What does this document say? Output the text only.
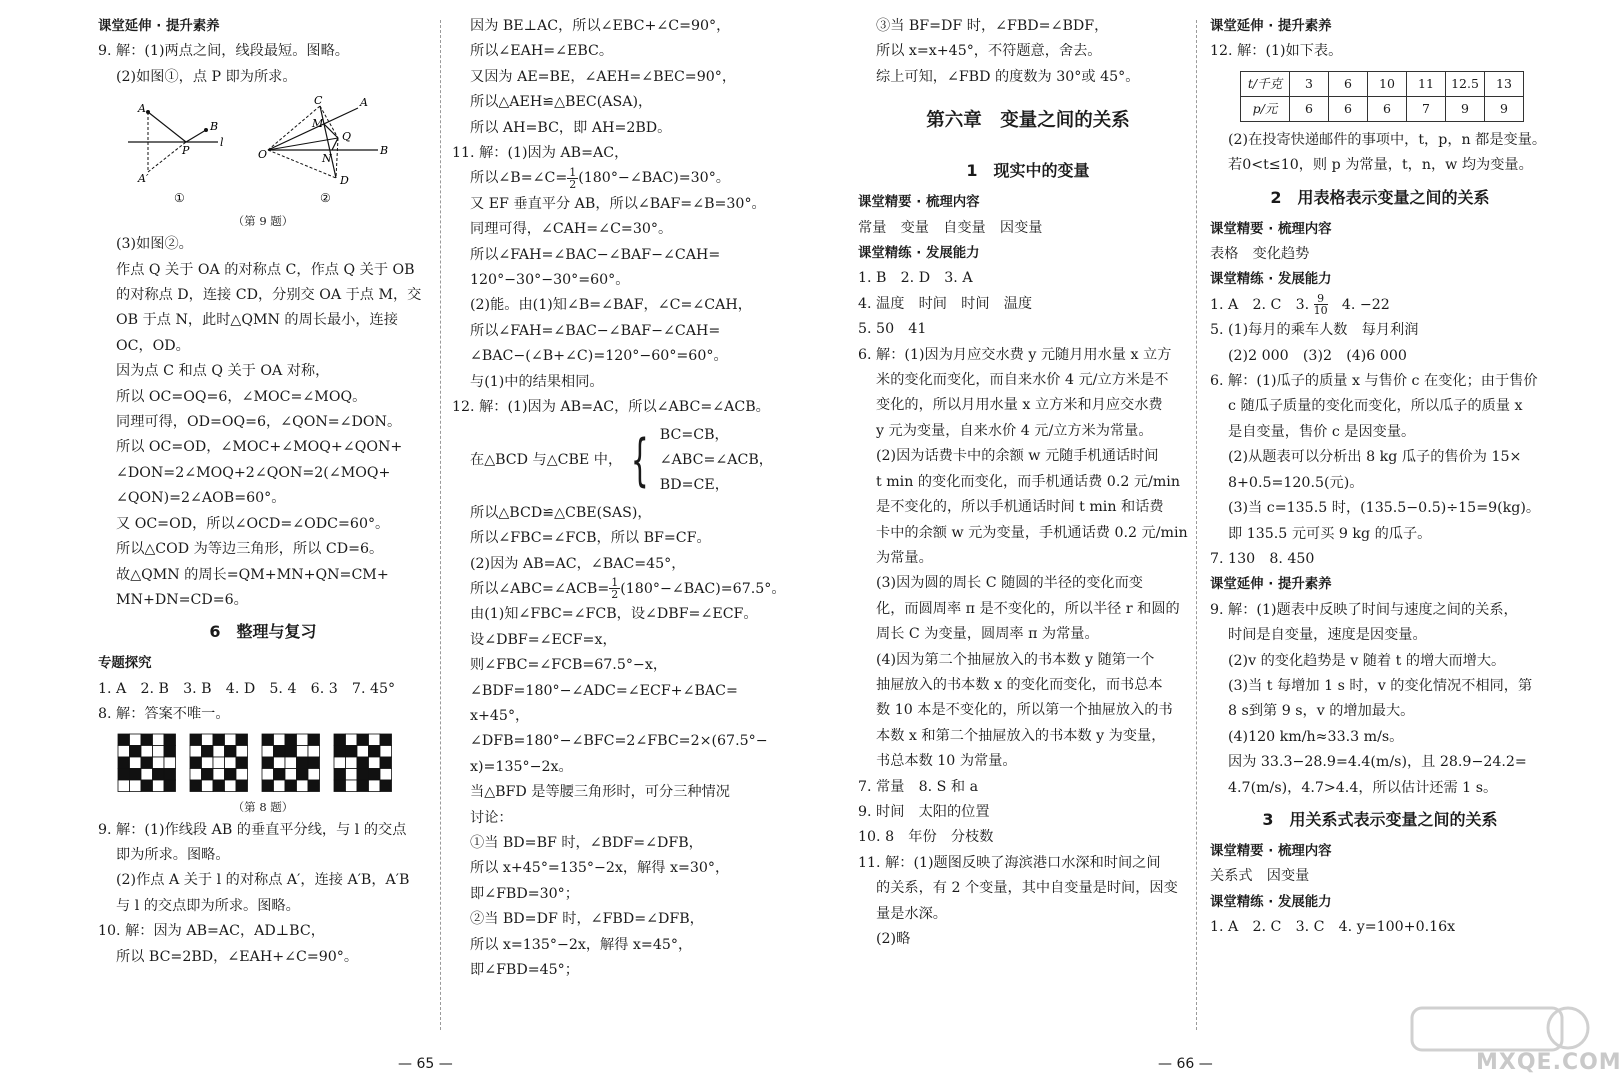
课堂延伸 · 提升素养

9. 解：(1)两点之间，线段最短。图略。

(2)如图①，点 P 即为所求。

A
B
P
l
A′
①
C
M
Q
O	N
D
B
A
②

（第 9 题）

(3)如图②。

作点 Q 关于 OA 的对称点 C，作点 Q 关于 OB

的对称点 D，连接 CD，分别交 OA 于点 M，交

OB 于点 N，此时△QMN 的周长最小，连接

OC，OD。

因为点 C 和点 Q 关于 OA 对称，

所以 OC=OQ=6，∠MOC=∠MOQ。

同理可得，OD=OQ=6，∠QON=∠DON。

所以 OC=OD，∠MOC+∠MOQ+∠QON+

∠DON=2∠MOQ+2∠QON=2(∠MOQ+

∠QON)=2∠AOB=60°。

又 OC=OD，所以∠OCD=∠ODC=60°。

所以△COD 为等边三角形，所以 CD=6。

故△QMN 的周长=QM+MN+QN=CM+

MN+DN=CD=6。

6　整理与复习

专题探究

1. A　2. B　3. B　4. D　5. 4　6. 3　7. 45°

8. 解：答案不唯一。

（第 8 题）

9. 解：(1)作线段 AB 的垂直平分线，与 l 的交点

即为所求。图略。

(2)作点 A 关于 l 的对称点 A′，连接 A′B，A′B

与 l 的交点即为所求。图略。

10. 解：因为 AB=AC，AD⊥BC，

所以 BC=2BD，∠EAH+∠C=90°。

因为 BE⊥AC，所以∠EBC+∠C=90°，

所以∠EAH=∠EBC。

又因为 AE=BE，∠AEH=∠BEC=90°，

所以△AEH≌△BEC(ASA)，

所以 AH=BC，即 AH=2BD。

11. 解：(1)因为 AB=AC，

所以∠B=∠C= $\frac{1}{2}$ (180°−∠BAC)=30°。

又 EF 垂直平分 AB，所以∠BAF=∠B=30°。

同理可得，∠CAH=∠C=30°。

所以∠FAH=∠BAC−∠BAF−∠CAH=

120°−30°−30°=60°。

(2)能。由(1)知∠B=∠BAF，∠C=∠CAH，

所以∠FAH=∠BAC−∠BAF−∠CAH=

∠BAC−(∠B+∠C)=120°−60°=60°。

与(1)中的结果相同。

12. 解：(1)因为 AB=AC，所以∠ABC=∠ACB。

在△BCD 与△CBE 中， { BC=CB，

∠ABC=∠ACB，

BD=CE，

所以△BCD≌△CBE(SAS)，

所以∠FBC=∠FCB，所以 BF=CF。

(2)因为 AB=AC，∠BAC=45°，

所以∠ABC=∠ACB= $\frac{1}{2}$ (180°−∠BAC)=67.5°。

由(1)知∠FBC=∠FCB，设∠DBF=∠ECF。

设∠DBF=∠ECF=x，

则∠FBC=∠FCB=67.5°−x，

∠BDF=180°−∠ADC=∠ECF+∠BAC=

x+45°，

∠DFB=180°−∠BFC=2∠FBC=2×(67.5°−

x)=135°−2x。

当△BFD 是等腰三角形时，可分三种情况

讨论：

①当 BD=BF 时，∠BDF=∠DFB，

所以 x+45°=135°−2x，解得 x=30°，

即∠FBD=30°；

②当 BD=DF 时，∠FBD=∠DFB，

所以 x=135°−2x，解得 x=45°，

即∠FBD=45°；

③当 BF=DF 时，∠FBD=∠BDF，

所以 x=x+45°，不符题意，舍去。

综上可知，∠FBD 的度数为 30°或 45°。

第六章　变量之间的关系

1　现实中的变量

课堂精要 · 梳理内容

常量　变量　自变量　因变量

课堂精练 · 发展能力

1. B　2. D　3. A

4. 温度　时间　时间　温度

5. 50　41

6. 解：(1)因为月应交水费 y 元随月用水量 x 立方

米的变化而变化，而自来水价 4 元/立方米是不

变化的，所以月用水量 x 立方米和月应交水费

y 元为变量，自来水价 4 元/立方米为常量。

(2)因为话费卡中的余额 w 元随手机通话时间

t min 的变化而变化，而手机通话费 0.2 元/min

是不变化的，所以手机通话时间 t min 和话费

卡中的余额 w 元为变量，手机通话费 0.2 元/min

为常量。

(3)因为圆的周长 C 随圆的半径的变化而变

化，而圆周率 π 是不变化的，所以半径 r 和圆的

周长 C 为变量，圆周率 π 为常量。

(4)因为第二个抽屉放入的书本数 y 随第一个

抽屉放入的书本数 x 的变化而变化，而书总本

数 10 本是不变化的，所以第一个抽屉放入的书

本数 x 和第二个抽屉放入的书本数 y 为变量，

书总本数 10 为常量。

7. 常量　8. S 和 a

9. 时间　太阳的位置

10. 8　年份　分枝数

11. 解：(1)题图反映了海滨港口水深和时间之间

的关系，有 2 个变量，其中自变量是时间，因变

量是水深。

(2)略

课堂延伸 · 提升素养

12. 解：(1)如下表。

t/千克	3	6	10	11	12.5	13
p/元	6	6	6	7	9	9

(2)在投寄快递邮件的事项中，t，p，n 都是变量。

若0<t≤10，则 p 为常量，t，n，w 均为变量。

2　用表格表示变量之间的关系

课堂精要 · 梳理内容

表格　变化趋势

课堂精练 · 发展能力

1. A　2. C　3. $\frac{9}{10}$ 　4. −22

5. (1)每月的乘车人数　每月利润

(2)2 000　(3)2　(4)6 000

6. 解：(1)瓜子的质量 x 与售价 c 在变化；由于售价

c 随瓜子质量的变化而变化，所以瓜子的质量 x

是自变量，售价 c 是因变量。

(2)从题表可以分析出 8 kg 瓜子的售价为 15×

8+0.5=120.5(元)。

(3)当 c=135.5 时，(135.5−0.5)÷15=9(kg)。

即 135.5 元可买 9 kg 的瓜子。

7. 130　8. 450

课堂延伸 · 提升素养

9. 解：(1)题表中反映了时间与速度之间的关系，

时间是自变量，速度是因变量。

(2)v 的变化趋势是 v 随着 t 的增大而增大。

(3)当 t 每增加 1 s 时，v 的变化情况不相同，第

8 s到第 9 s，v 的增加最大。

(4)120 km/h≈33.3 m/s。

因为 33.3−28.9=4.4(m/s)，且 28.9−24.2=

4.7(m/s)，4.7>4.4，所以估计还需 1 s。

3　用关系式表示变量之间的关系

课堂精要 · 梳理内容

关系式　因变量

课堂精练 · 发展能力

1. A　2. C　3. C　4. y=100+0.16x

— 65 —	— 66 —	MXQE.COM
